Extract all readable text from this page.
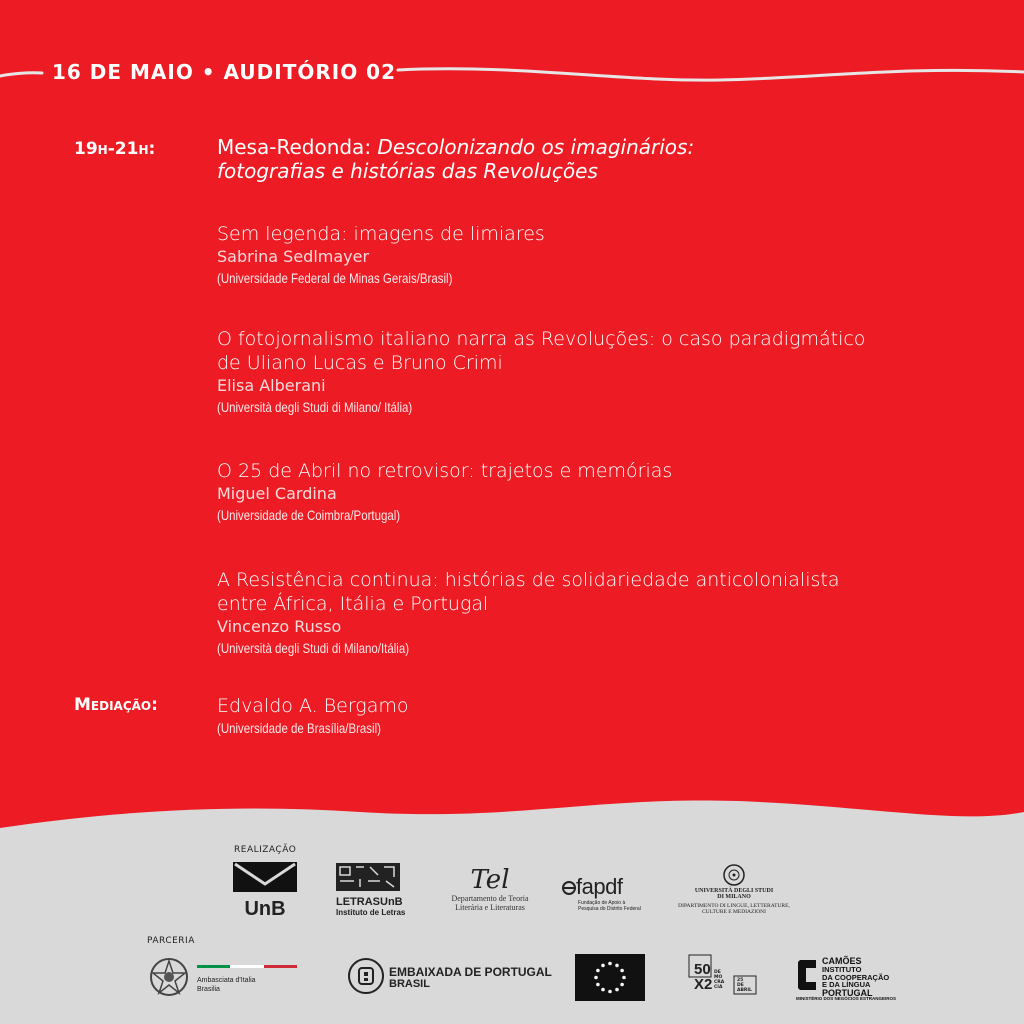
16 DE MAIO • AUDITÓRIO 02
19H-21H:	Mesa-Redonda: Descolonizando os imaginários:
fotografias e histórias das Revoluções
Sem legenda: imagens de limiares
Sabrina Sedlmayer
(Universidade Federal de Minas Gerais/Brasil)
O fotojornalismo italiano narra as Revoluções: o caso paradigmático
de Uliano Lucas e Bruno Crimi
Elisa Alberani
(Università degli Studi di Milano/ Itália)
O 25 de Abril no retrovisor: trajetos e memórias
Miguel Cardina
(Universidade de Coimbra/Portugal)
A Resistência continua: histórias de solidariedade anticolonialista
entre África, Itália e Portugal
Vincenzo Russo
(Università degli Studi di Milano/Itália)
MEDIAÇÃO:	Edvaldo A. Bergamo
(Universidade de Brasília/Brasil)
REALIZAÇÃO
PARCERIA
UnB	LETRASUnB
Instituto de Letras
Tel
Departamento de Teoria
Literária e Literaturas
fapdf
Fundação de Apoio à
Pesquisa do Distrito Federal
UNIVERSITÀ DEGLI STUDI
DI MILANO
DIPARTIMENTO DI LINGUE, LETTERATURE,
CULTURE E MEDIAZIONI
Ambasciata d'Italia
Brasilia
EMBAIXADA DE PORTUGAL
BRASIL
50
X2
DE
MO
CRA
CIA
25
DE
ABRIL
CAMÕES
INSTITUTO
DA COOPERAÇÃO
E DA LÍNGUA
PORTUGAL
MINISTÉRIO DOS NEGÓCIOS ESTRANGEIROS
